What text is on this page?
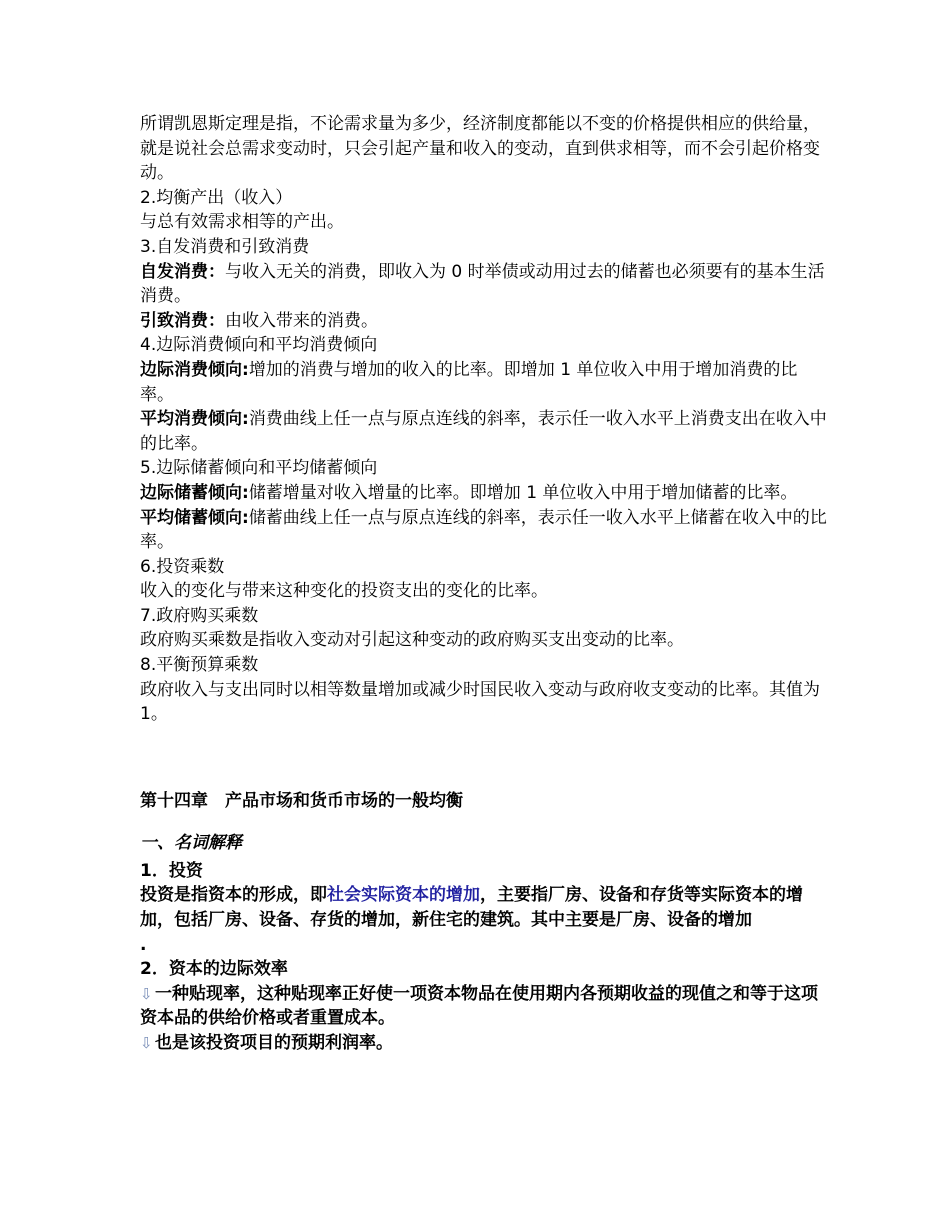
所谓凯恩斯定理是指，不论需求量为多少，经济制度都能以不变的价格提供相应的供给量，就是说社会总需求变动时，只会引起产量和收入的变动，直到供求相等，而不会引起价格变动。

2.均衡产出（收入）

与总有效需求相等的产出。

3.自发消费和引致消费

自发消费：与收入无关的消费，即收入为 0 时举债或动用过去的储蓄也必须要有的基本生活消费。

引致消费：由收入带来的消费。

4.边际消费倾向和平均消费倾向

边际消费倾向:增加的消费与增加的收入的比率。即增加 1 单位收入中用于增加消费的比率。

平均消费倾向:消费曲线上任一点与原点连线的斜率，表示任一收入水平上消费支出在收入中的比率。

5.边际储蓄倾向和平均储蓄倾向

边际储蓄倾向:储蓄增量对收入增量的比率。即增加 1 单位收入中用于增加储蓄的比率。

平均储蓄倾向:储蓄曲线上任一点与原点连线的斜率，表示任一收入水平上储蓄在收入中的比率。

6.投资乘数

收入的变化与带来这种变化的投资支出的变化的比率。

7.政府购买乘数

政府购买乘数是指收入变动对引起这种变动的政府购买支出变动的比率。

8.平衡预算乘数

政府收入与支出同时以相等数量增加或减少时国民收入变动与政府收支变动的比率。其值为 1。

第十四章　产品市场和货币市场的一般均衡

一、名词解释

1．投资

投资是指资本的形成，即社会实际资本的增加，主要指厂房、设备和存货等实际资本的增加，包括厂房、设备、存货的增加，新住宅的建筑。其中主要是厂房、设备的增加

.

2．资本的边际效率

⇩ 一种贴现率，这种贴现率正好使一项资本物品在使用期内各预期收益的现值之和等于这项资本品的供给价格或者重置成本。

⇩ 也是该投资项目的预期利润率。
